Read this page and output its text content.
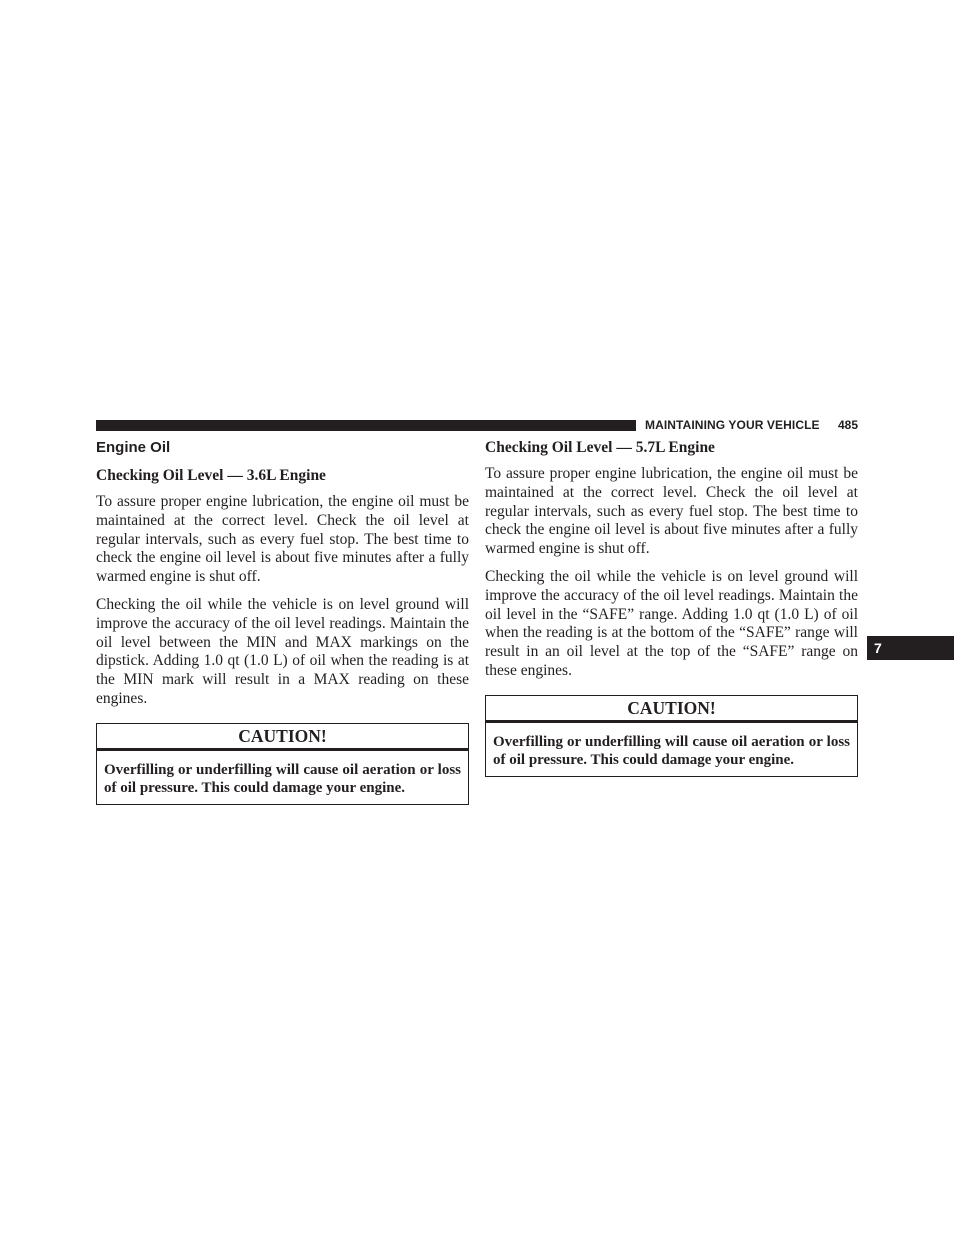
MAINTAINING YOUR VEHICLE 485
7
Engine Oil
Checking Oil Level — 3.6L Engine

To assure proper engine lubrication, the engine oil must be maintained at the correct level. Check the oil level at regular intervals, such as every fuel stop. The best time to check the engine oil level is about five minutes after a fully warmed engine is shut off.

Checking the oil while the vehicle is on level ground will improve the accuracy of the oil level readings. Maintain the oil level between the MIN and MAX markings on the dipstick. Adding 1.0 qt (1.0 L) of oil when the reading is at the MIN mark will result in a MAX reading on these engines.

CAUTION!
Overfilling or underfilling will cause oil aeration or loss of oil pressure. This could damage your engine.
Checking Oil Level — 5.7L Engine

To assure proper engine lubrication, the engine oil must be maintained at the correct level. Check the oil level at regular intervals, such as every fuel stop. The best time to check the engine oil level is about five minutes after a fully warmed engine is shut off.

Checking the oil while the vehicle is on level ground will improve the accuracy of the oil level readings. Maintain the oil level in the “SAFE” range. Adding 1.0 qt (1.0 L) of oil when the reading is at the bottom of the “SAFE” range will result in an oil level at the top of the “SAFE” range on these engines.

CAUTION!
Overfilling or underfilling will cause oil aeration or loss of oil pressure. This could damage your engine.
